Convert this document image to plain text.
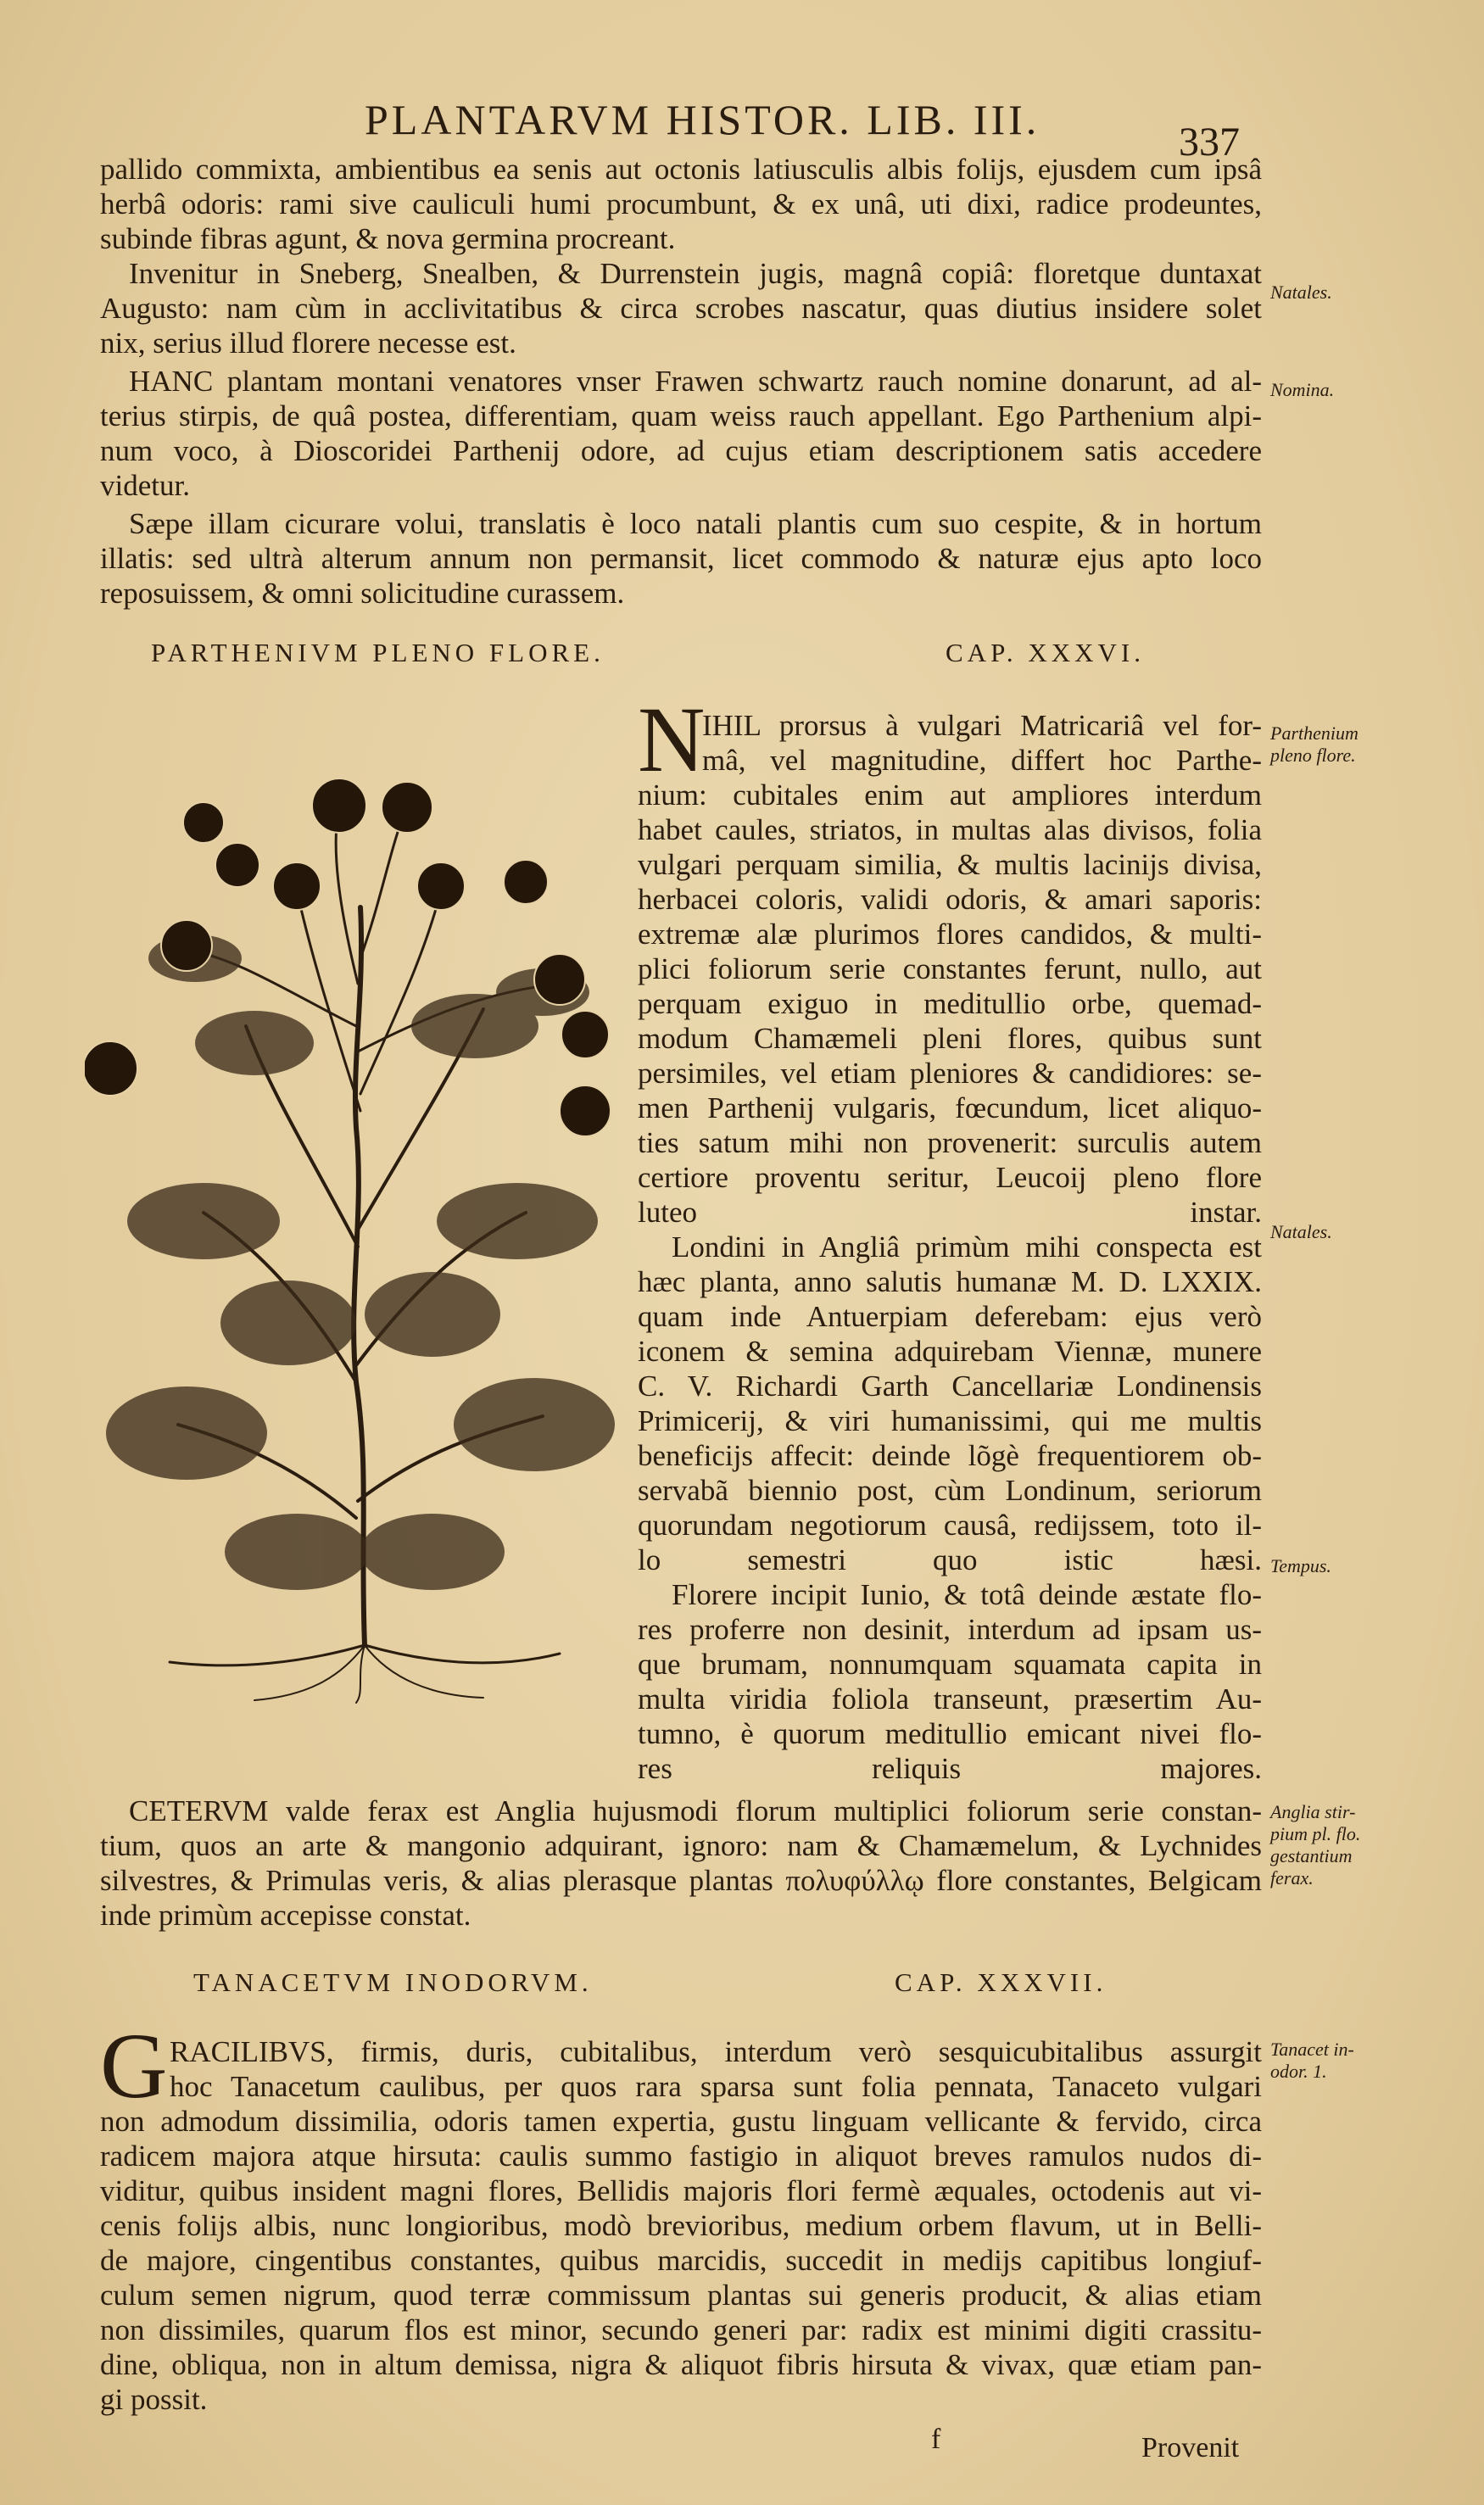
PLANTARVM HISTOR. LIB. III.	337
pallido commixta, ambientibus ea senis aut octonis latiusculis albis folijs, ejusdem cum ipsâ
herbâ odoris: rami sive cauliculi humi procumbunt, & ex unâ, uti dixi, radice prodeuntes,
subinde fibras agunt, & nova germina procreant.
Invenitur in Sneberg, Snealben, & Durrenstein jugis, magnâ copiâ: floretque duntaxat
Augusto: nam cùm in acclivitatibus & circa scrobes nascatur, quas diutius insidere solet
nix, serius illud florere necesse est.
HANC plantam montani venatores vnser Frawen schwartz rauch nomine donarunt, ad al-
terius stirpis, de quâ postea, differentiam, quam weiss rauch appellant. Ego Parthenium alpi-
num voco, à Dioscoridei Parthenij odore, ad cujus etiam descriptionem satis accedere
videtur.
Sæpe illam cicurare volui, translatis è loco natali plantis cum suo cespite, & in hortum
illatis: sed ultrà alterum annum non permansit, licet commodo & naturæ ejus apto loco
reposuissem, & omni solicitudine curassem.
Natales.
Nomina.
PARTHENIVM PLENO FLORE.	CAP. XXXVI.
N	Parthenium pleno flore.
IHIL prorsus à vulgari Matricariâ vel for-
mâ, vel magnitudine, differt hoc Parthe-
nium: cubitales enim aut ampliores interdum
habet caules, striatos, in multas alas divisos, folia
vulgari perquam similia, & multis lacinijs divisa,
herbacei coloris, validi odoris, & amari saporis:
extremæ alæ plurimos flores candidos, & multi-
plici foliorum serie constantes ferunt, nullo, aut
perquam exiguo in meditullio orbe, quemad-
modum Chamæmeli pleni flores, quibus sunt
persimiles, vel etiam pleniores & candidiores: se-
men Parthenij vulgaris, fœcundum, licet aliquo-
ties satum mihi non provenerit: surculis autem
certiore proventu seritur, Leucoij pleno flore
luteo instar.
Londini in Angliâ primùm mihi conspecta est
hæc planta, anno salutis humanæ M. D. LXXIX.
quam inde Antuerpiam deferebam: ejus verò
iconem & semina adquirebam Viennæ, munere
C. V. Richardi Garth Cancellariæ Londinensis
Primicerij, & viri humanissimi, qui me multis
beneficijs affecit: deinde lõgè frequentiorem ob-
servabã biennio post, cùm Londinum, seriorum
quorundam negotiorum causâ, redijssem, toto il-
lo semestri quo istic hæsi.
Florere incipit Iunio, & totâ deinde æstate flo-
res proferre non desinit, interdum ad ipsam us-
que brumam, nonnumquam squamata capita in
multa viridia foliola transeunt, præsertim Au-
tumno, è quorum meditullio emicant nivei flo-
res reliquis majores.
Natales.
Tempus.
CETERVM valde ferax est Anglia hujusmodi florum multiplici foliorum serie constan-
tium, quos an arte & mangonio adquirant, ignoro: nam & Chamæmelum, & Lychnides
silvestres, & Primulas veris, & alias plerasque plantas πολυφύλλῳ flore constantes, Belgicam
inde primùm accepisse constat.
Anglia stir- pium pl. flo. gestantium ferax.
TANACETVM INODORVM.	CAP. XXXVII.
G	Tanacet in- odor. 1.
RACILIBVS, firmis, duris, cubitalibus, interdum verò sesquicubitalibus assurgit
hoc Tanacetum caulibus, per quos rara sparsa sunt folia pennata, Tanaceto vulgari
non admodum dissimilia, odoris tamen expertia, gustu linguam vellicante & fervido, circa
radicem majora atque hirsuta: caulis summo fastigio in aliquot breves ramulos nudos di-
viditur, quibus insident magni flores, Bellidis majoris flori fermè æquales, octodenis aut vi-
cenis folijs albis, nunc longioribus, modò brevioribus, medium orbem flavum, ut in Belli-
de majore, cingentibus constantes, quibus marcidis, succedit in medijs capitibus longiuf-
culum semen nigrum, quod terræ commissum plantas sui generis producit, & alias etiam
non dissimiles, quarum flos est minor, secundo generi par: radix est minimi digiti crassitu-
dine, obliqua, non in altum demissa, nigra & aliquot fibris hirsuta & vivax, quæ etiam pan-
gi possit.
f	Provenit
